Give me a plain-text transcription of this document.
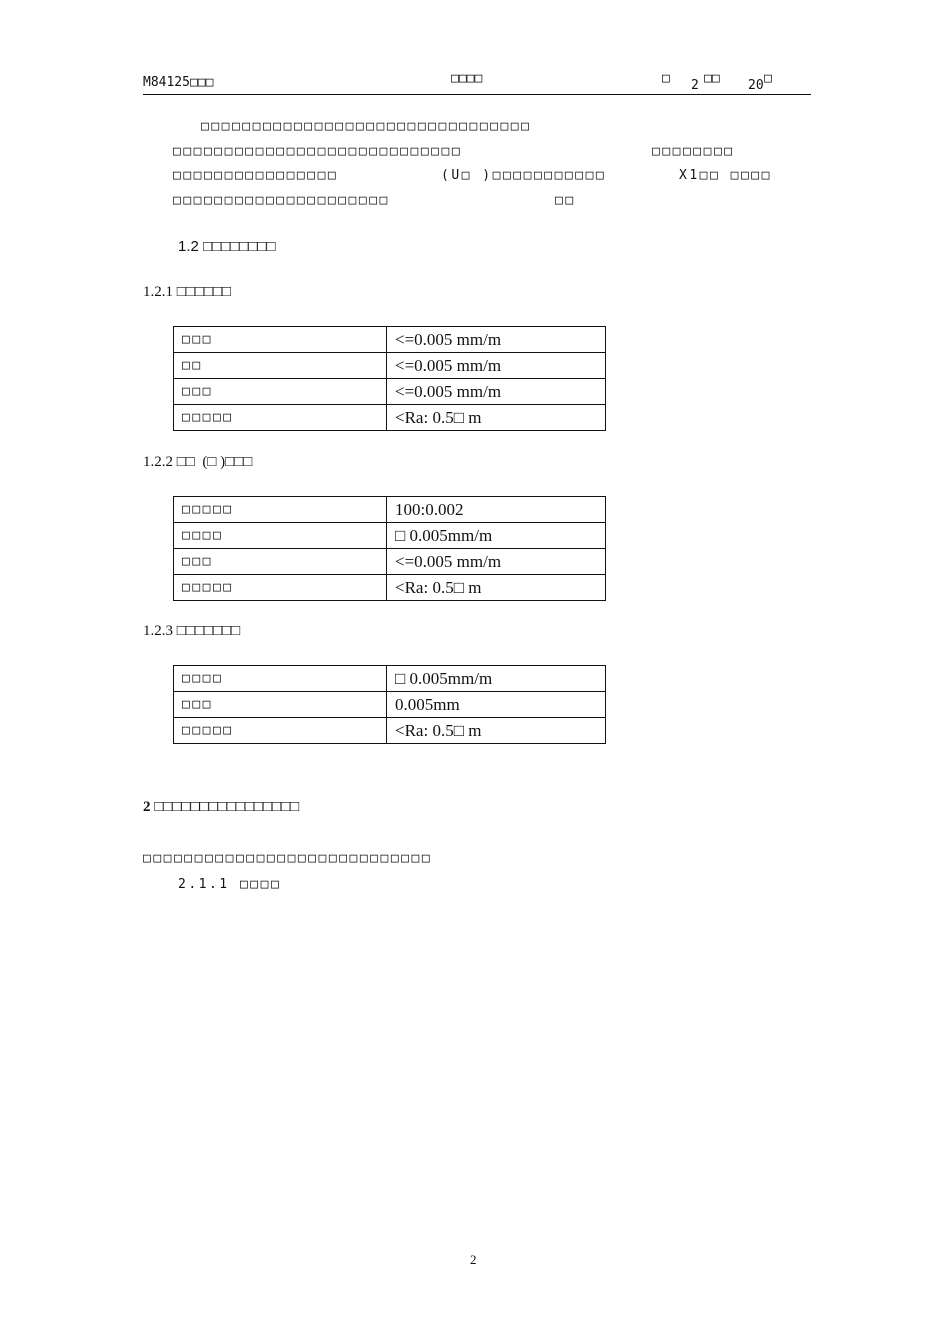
M84125□□□	□□□□	□ 2 □□ 20 □
□□□□□□□□□□□□□□□□□□□□□□□□□□□□□□□□
□□□□□□□□□□□□□□□□□□□□□□□□□□□□	□□□□□□□□
□□□□□□□□□□□□□□□□	(U□ )□□□□□□□□□□□	X1□□ □□□□
□□□□□□□□□□□□□□□□□□□□□	□□
1.2 □□□□□□□□
1.2.1 □□□□□□
□□□	<=0.005 mm/m
□□	<=0.005 mm/m
□□□	<=0.005 mm/m
□□□□□	<Ra: 0.5□ m
1.2.2 □□  (□ )□□□
□□□□□	100:0.002
□□□□	□ 0.005mm/m
□□□	<=0.005 mm/m
□□□□□	<Ra: 0.5□ m
1.2.3 □□□□□□□
□□□□	□ 0.005mm/m
□□□	0.005mm
□□□□□	<Ra: 0.5□ m
2 □□□□□□□□□□□□□□□□
□□□□□□□□□□□□□□□□□□□□□□□□□□□□
2.1.1 □□□□
2
